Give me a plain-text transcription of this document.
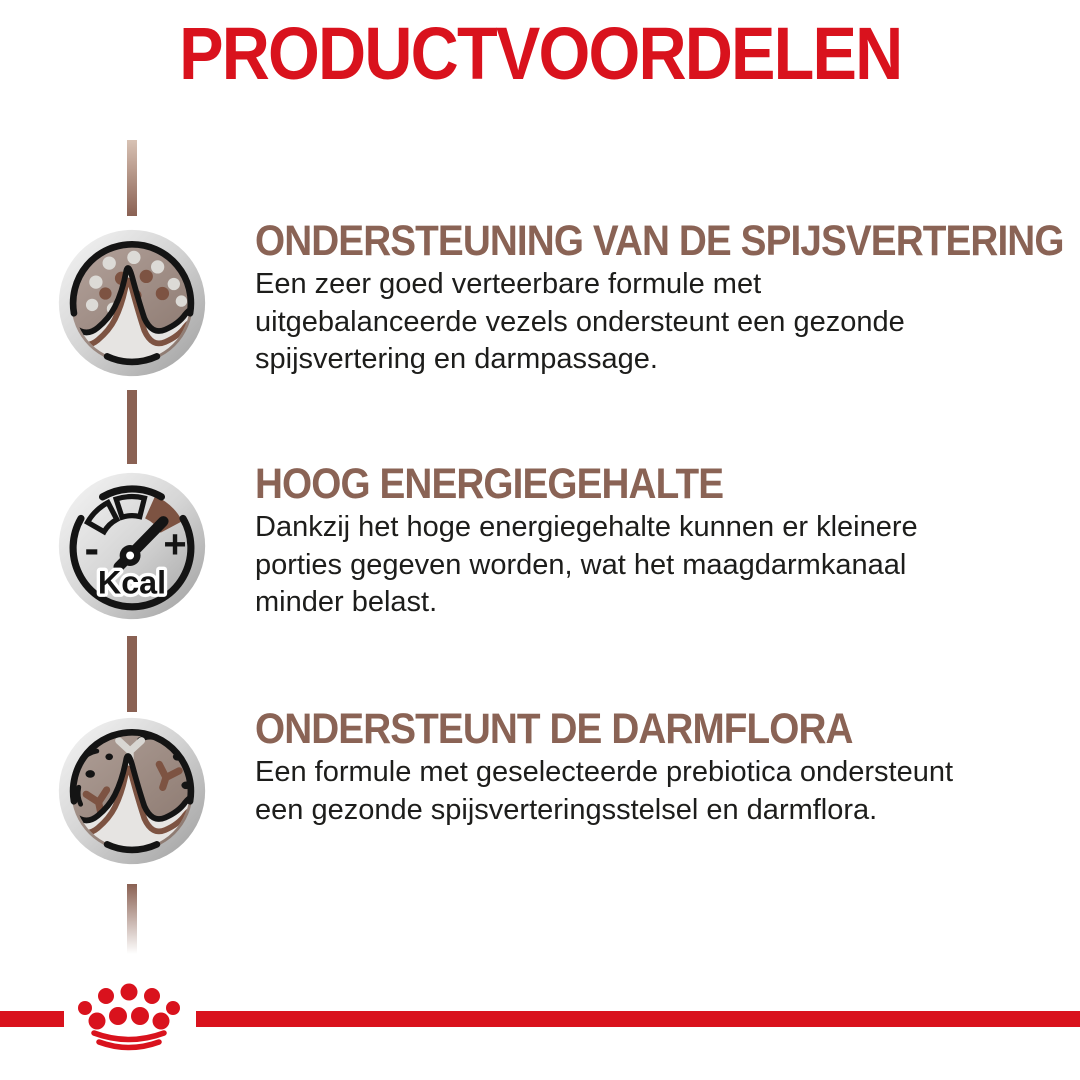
PRODUCTVOORDELEN
- +
Kcal
ONDERSTEUNING VAN DE SPIJSVERTERING
Een zeer goed verteerbare formule met
uitgebalanceerde vezels ondersteunt een gezonde
spijsvertering en darmpassage.
HOOG ENERGIEGEHALTE
Dankzij het hoge energiegehalte kunnen er kleinere
porties gegeven worden, wat het maagdarmkanaal
minder belast.
ONDERSTEUNT DE DARMFLORA
Een formule met geselecteerde prebiotica ondersteunt
een gezonde spijsverteringsstelsel en darmflora.
